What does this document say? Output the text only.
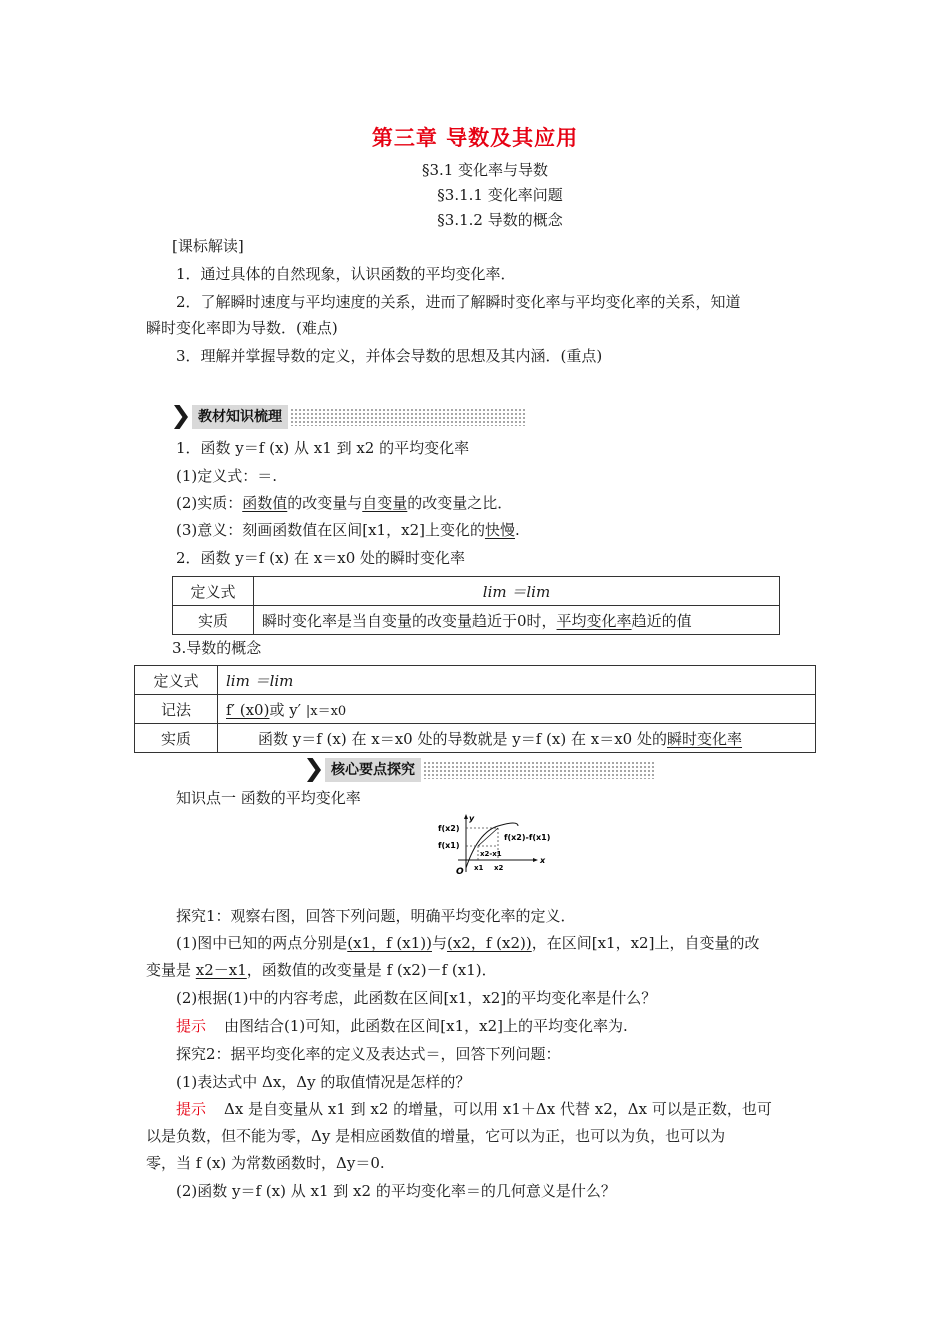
第三章 导数及其应用
§3.1 变化率与导数
§3.1.1 变化率问题
§3.1.2 导数的概念
[课标解读]
1．通过具体的自然现象，认识函数的平均变化率．
2．了解瞬时速度与平均速度的关系，进而了解瞬时变化率与平均变化率的关系，知道
瞬时变化率即为导数．(难点)
3．理解并掌握导数的定义，并体会导数的思想及其内涵．(重点)
教材知识梳理
1．函数 y＝f (x) 从 x1 到 x2 的平均变化率
(1)定义式：＝.
(2)实质：函数值的改变量与自变量的改变量之比．
(3)意义：刻画函数值在区间[x1，x2]上变化的快慢.
2．函数 y＝f (x) 在 x＝x0 处的瞬时变化率
定义式	lim ＝lim
实质	瞬时变化率是当自变量的改变量趋近于0时，平均变化率趋近的值
3.导数的概念
定义式	lim ＝lim
记法	f′ (x0)或 y′ |x＝x0
实质	函数 y＝f (x) 在 x＝x0 处的导数就是 y＝f (x) 在 x＝x0 处的瞬时变化率
核心要点探究
知识点一 函数的平均变化率
f(x2)
f(x1)
y
x
O x1 x2
f(x2)-f(x1)
x2-x1
探究1：观察右图，回答下列问题，明确平均变化率的定义．
(1)图中已知的两点分别是(x1，f (x1))与(x2，f (x2))，在区间[x1，x2]上，自变量的改
变量是 x2－x1，函数值的改变量是 f (x2)－f (x1)．
(2)根据(1)中的内容考虑，此函数在区间[x1，x2]的平均变化率是什么？
提示 由图结合(1)可知，此函数在区间[x1，x2]上的平均变化率为.
探究2：据平均变化率的定义及表达式＝，回答下列问题：
(1)表达式中 Δx，Δy 的取值情况是怎样的？
提示 Δx 是自变量从 x1 到 x2 的增量，可以用 x1＋Δx 代替 x2，Δx 可以是正数，也可
以是负数，但不能为零，Δy 是相应函数值的增量，它可以为正，也可以为负，也可以为
零，当 f (x) 为常数函数时，Δy＝0.
(2)函数 y＝f (x) 从 x1 到 x2 的平均变化率＝的几何意义是什么？
